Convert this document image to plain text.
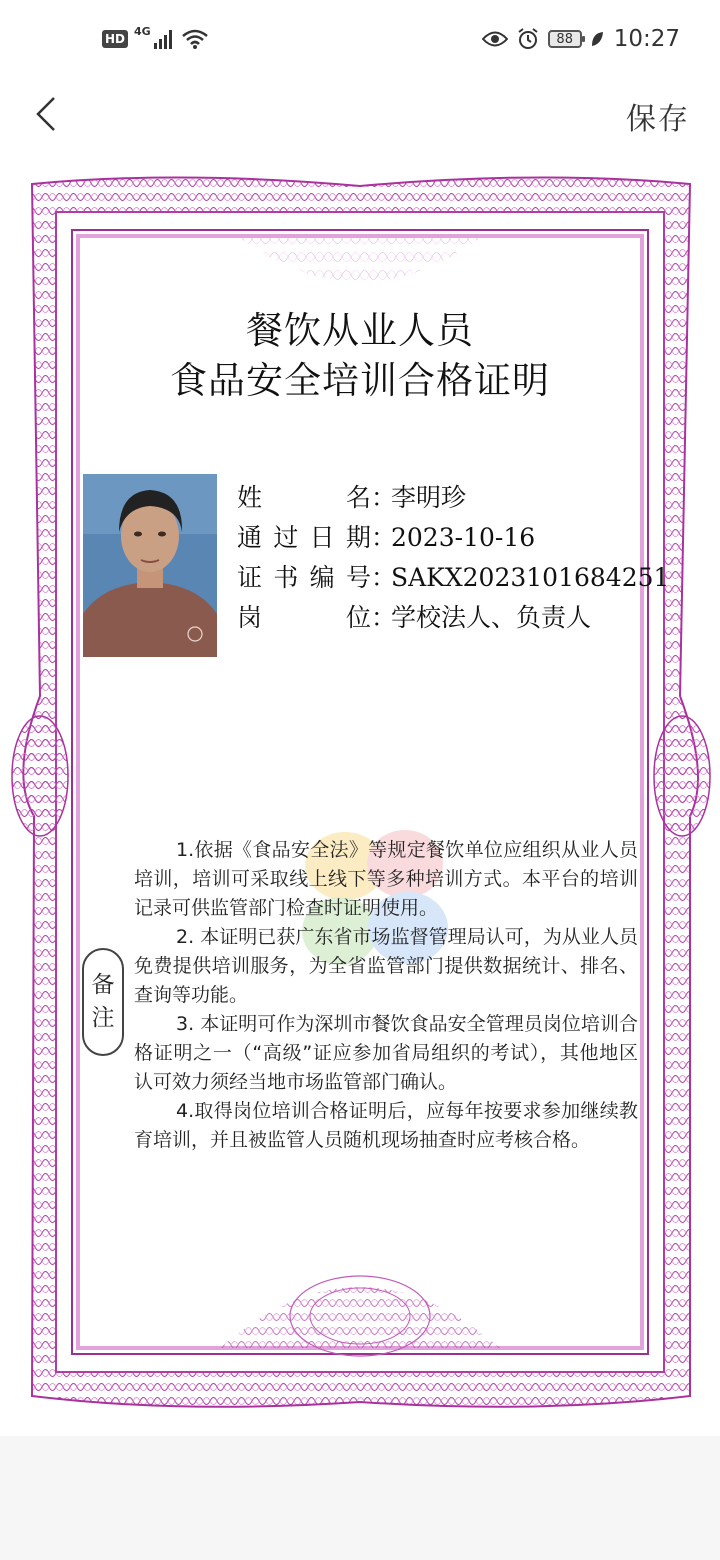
HD
4G
88 10:27
保存
餐饮从业人员
食品安全培训合格证明
姓名：李明珍
通过日期：2023-10-16
证书编号：SAKX2023101684251
岗位：学校法人、负责人
备
注

1.依据《食品安全法》等规定餐饮单位应组织从业人员培训，培训可采取线上线下等多种培训方式。本平台的培训记录可供监管部门检查时证明使用。

2. 本证明已获广东省市场监督管理局认可，为从业人员免费提供培训服务，为全省监管部门提供数据统计、排名、查询等功能。

3. 本证明可作为深圳市餐饮食品安全管理员岗位培训合格证明之一（“高级”证应参加省局组织的考试），其他地区认可效力须经当地市场监管部门确认。

4.取得岗位培训合格证明后，应每年按要求参加继续教育培训，并且被监管人员随机现场抽查时应考核合格。
